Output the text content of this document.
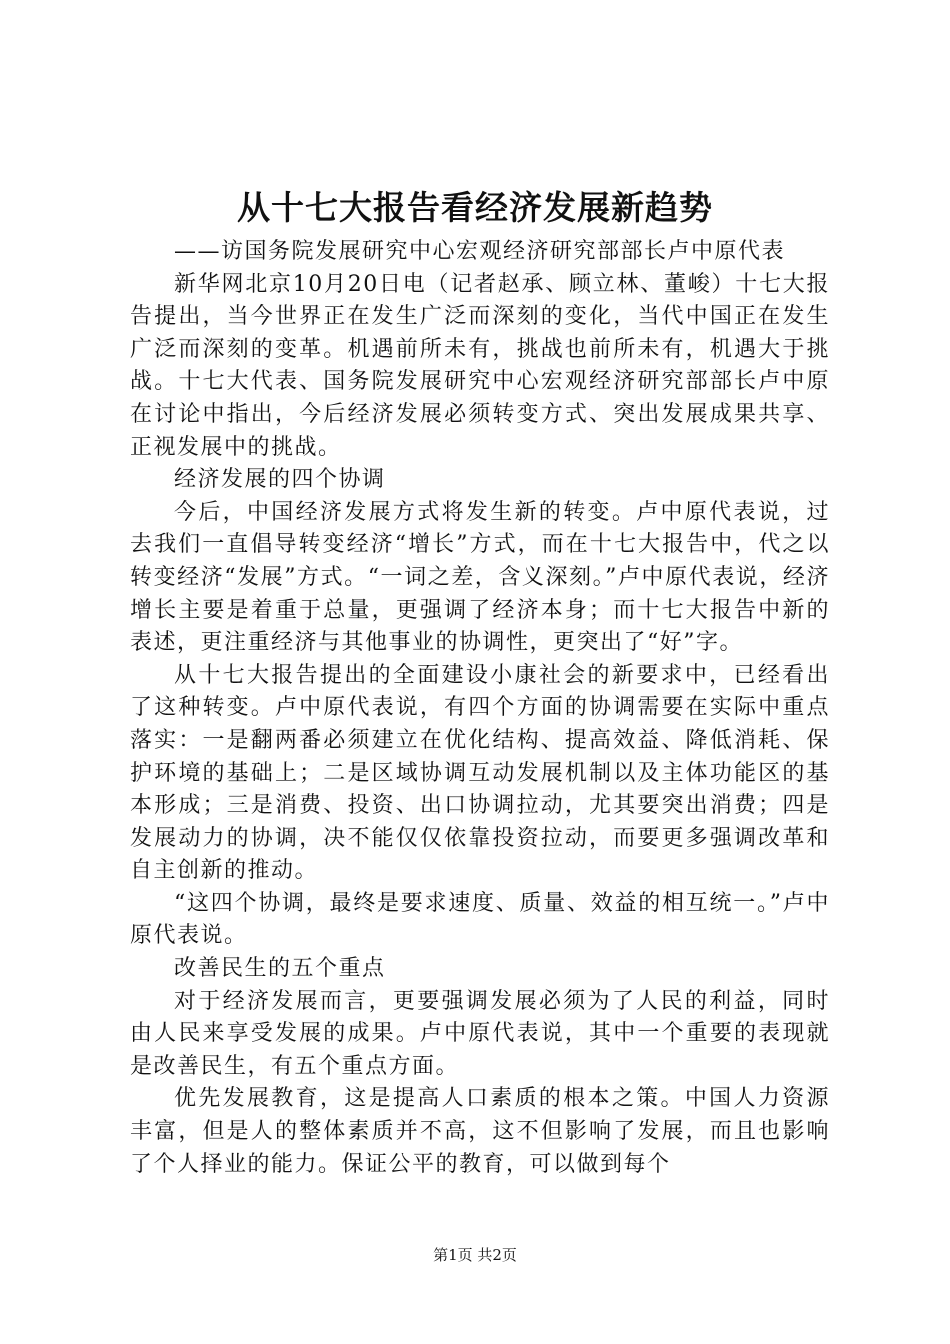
从十七大报告看经济发展新趋势

——访国务院发展研究中心宏观经济研究部部长卢中原代表

新华网北京10月20日电（记者赵承、顾立林、董峻）十七大报告提出，当今世界正在发生广泛而深刻的变化，当代中国正在发生广泛而深刻的变革。机遇前所未有，挑战也前所未有，机遇大于挑战。十七大代表、国务院发展研究中心宏观经济研究部部长卢中原在讨论中指出，今后经济发展必须转变方式、突出发展成果共享、正视发展中的挑战。

经济发展的四个协调

今后，中国经济发展方式将发生新的转变。卢中原代表说，过去我们一直倡导转变经济“增长”方式，而在十七大报告中，代之以转变经济“发展”方式。“一词之差，含义深刻。”卢中原代表说，经济增长主要是着重于总量，更强调了经济本身；而十七大报告中新的表述，更注重经济与其他事业的协调性，更突出了“好”字。

从十七大报告提出的全面建设小康社会的新要求中，已经看出了这种转变。卢中原代表说，有四个方面的协调需要在实际中重点落实：一是翻两番必须建立在优化结构、提高效益、降低消耗、保护环境的基础上；二是区域协调互动发展机制以及主体功能区的基本形成；三是消费、投资、出口协调拉动，尤其要突出消费；四是发展动力的协调，决不能仅仅依靠投资拉动，而要更多强调改革和自主创新的推动。

“这四个协调，最终是要求速度、质量、效益的相互统一。”卢中原代表说。

改善民生的五个重点

对于经济发展而言，更要强调发展必须为了人民的利益，同时由人民来享受发展的成果。卢中原代表说，其中一个重要的表现就是改善民生，有五个重点方面。

优先发展教育，这是提高人口素质的根本之策。中国人力资源丰富，但是人的整体素质并不高，这不但影响了发展，而且也影响了个人择业的能力。保证公平的教育，可以做到每个

第1页 共2页
